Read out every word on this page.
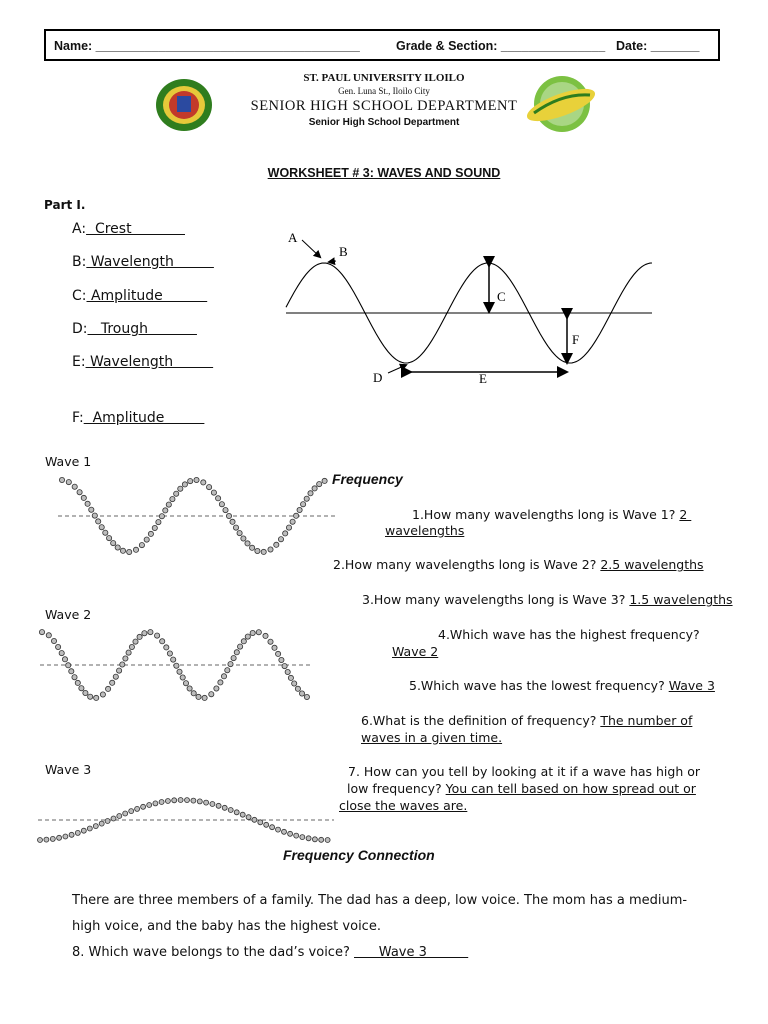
Name: ______________________________________	Grade & Section: _______________ Date: _______
ST. PAUL UNIVERSITY ILOILO
Gen. Luna St., Iloilo City
SENIOR HIGH SCHOOL DEPARTMENT
Senior High School Department
WORKSHEET # 3: WAVES AND SOUND
Part I.
A:  Crest
B: Wavelength
C: Amplitude
D:   Trough
E: Wavelength
F:  Amplitude
A
B
C
D	E
F
Wave 1
Wave 2
Wave 3
Frequency
1.How many wavelengths long is Wave 1? 2
wavelengths
2.How many wavelengths long is Wave 2? 2.5 wavelengths
3.How many wavelengths long is Wave 3? 1.5 wavelengths
4.Which wave has the highest frequency?
Wave 2
5.Which wave has the lowest frequency? Wave 3
6.What is the definition of frequency? The number of
waves in a given time.
7. How can you tell by looking at it if a wave has high or
low frequency? You can tell based on how spread out or
close the waves are.
Frequency Connection
There are three members of a family. The dad has a deep, low voice. The mom has a medium-high voice, and the baby has the highest voice.
8. Which wave belongs to the dad’s voice?       Wave 3
